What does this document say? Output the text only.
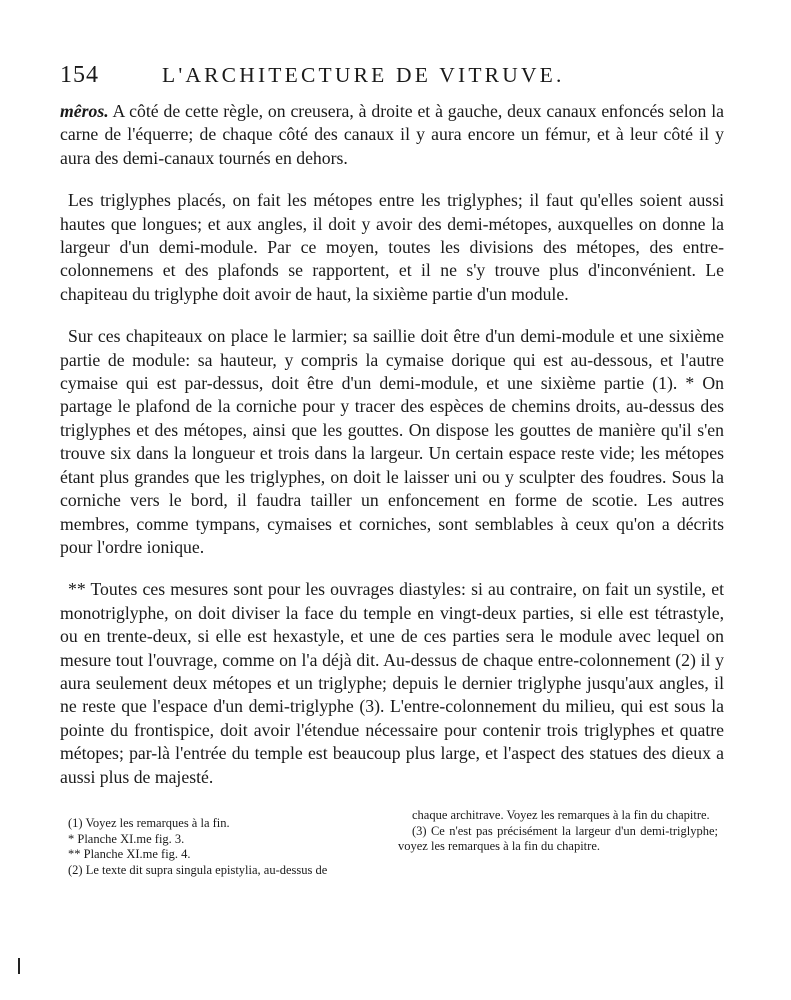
154	L'ARCHITECTURE DE VITRUVE.

mêros. A côté de cette règle, on creusera, à droite et à gauche, deux canaux enfoncés selon la carne de l'équerre; de chaque côté des canaux il y aura encore un fémur, et à leur côté il y aura des demi-canaux tournés en dehors.

Les triglyphes placés, on fait les métopes entre les triglyphes; il faut qu'elles soient aussi hautes que longues; et aux angles, il doit y avoir des demi-métopes, auxquelles on donne la largeur d'un demi-module. Par ce moyen, toutes les divisions des métopes, des entre-colonnemens et des plafonds se rapportent, et il ne s'y trouve plus d'inconvénient. Le chapiteau du triglyphe doit avoir de haut, la sixième partie d'un module.

Sur ces chapiteaux on place le larmier; sa saillie doit être d'un demi-module et une sixième partie de module: sa hauteur, y compris la cymaise dorique qui est au-dessous, et l'autre cymaise qui est par-dessus, doit être d'un demi-module, et une sixième partie (1). * On partage le plafond de la corniche pour y tracer des espèces de chemins droits, au-dessus des triglyphes et des métopes, ainsi que les gouttes. On dispose les gouttes de manière qu'il s'en trouve six dans la longueur et trois dans la largeur. Un certain espace reste vide; les métopes étant plus grandes que les triglyphes, on doit le laisser uni ou y sculpter des foudres. Sous la corniche vers le bord, il faudra tailler un enfoncement en forme de scotie. Les autres membres, comme tympans, cymaises et corniches, sont semblables à ceux qu'on a décrits pour l'ordre ionique.

** Toutes ces mesures sont pour les ouvrages diastyles: si au contraire, on fait un systile, et monotriglyphe, on doit diviser la face du temple en vingt-deux parties, si elle est tétrastyle, ou en trente-deux, si elle est hexastyle, et une de ces parties sera le module avec lequel on mesure tout l'ouvrage, comme on l'a déjà dit. Au-dessus de chaque entre-colonnement (2) il y aura seulement deux métopes et un triglyphe; depuis le dernier triglyphe jusqu'aux angles, il ne reste que l'espace d'un demi-triglyphe (3). L'entre-colonnement du milieu, qui est sous la pointe du frontispice, doit avoir l'étendue nécessaire pour contenir trois triglyphes et quatre métopes; par-là l'entrée du temple est beaucoup plus large, et l'aspect des statues des dieux a aussi plus de majesté.

(1) Voyez les remarques à la fin.

* Planche XI.me fig. 3.

** Planche XI.me fig. 4.

(2) Le texte dit supra singula epistylia, au-dessus de

chaque architrave. Voyez les remarques à la fin du chapitre.

(3) Ce n'est pas précisément la largeur d'un demi-triglyphe; voyez les remarques à la fin du chapitre.
